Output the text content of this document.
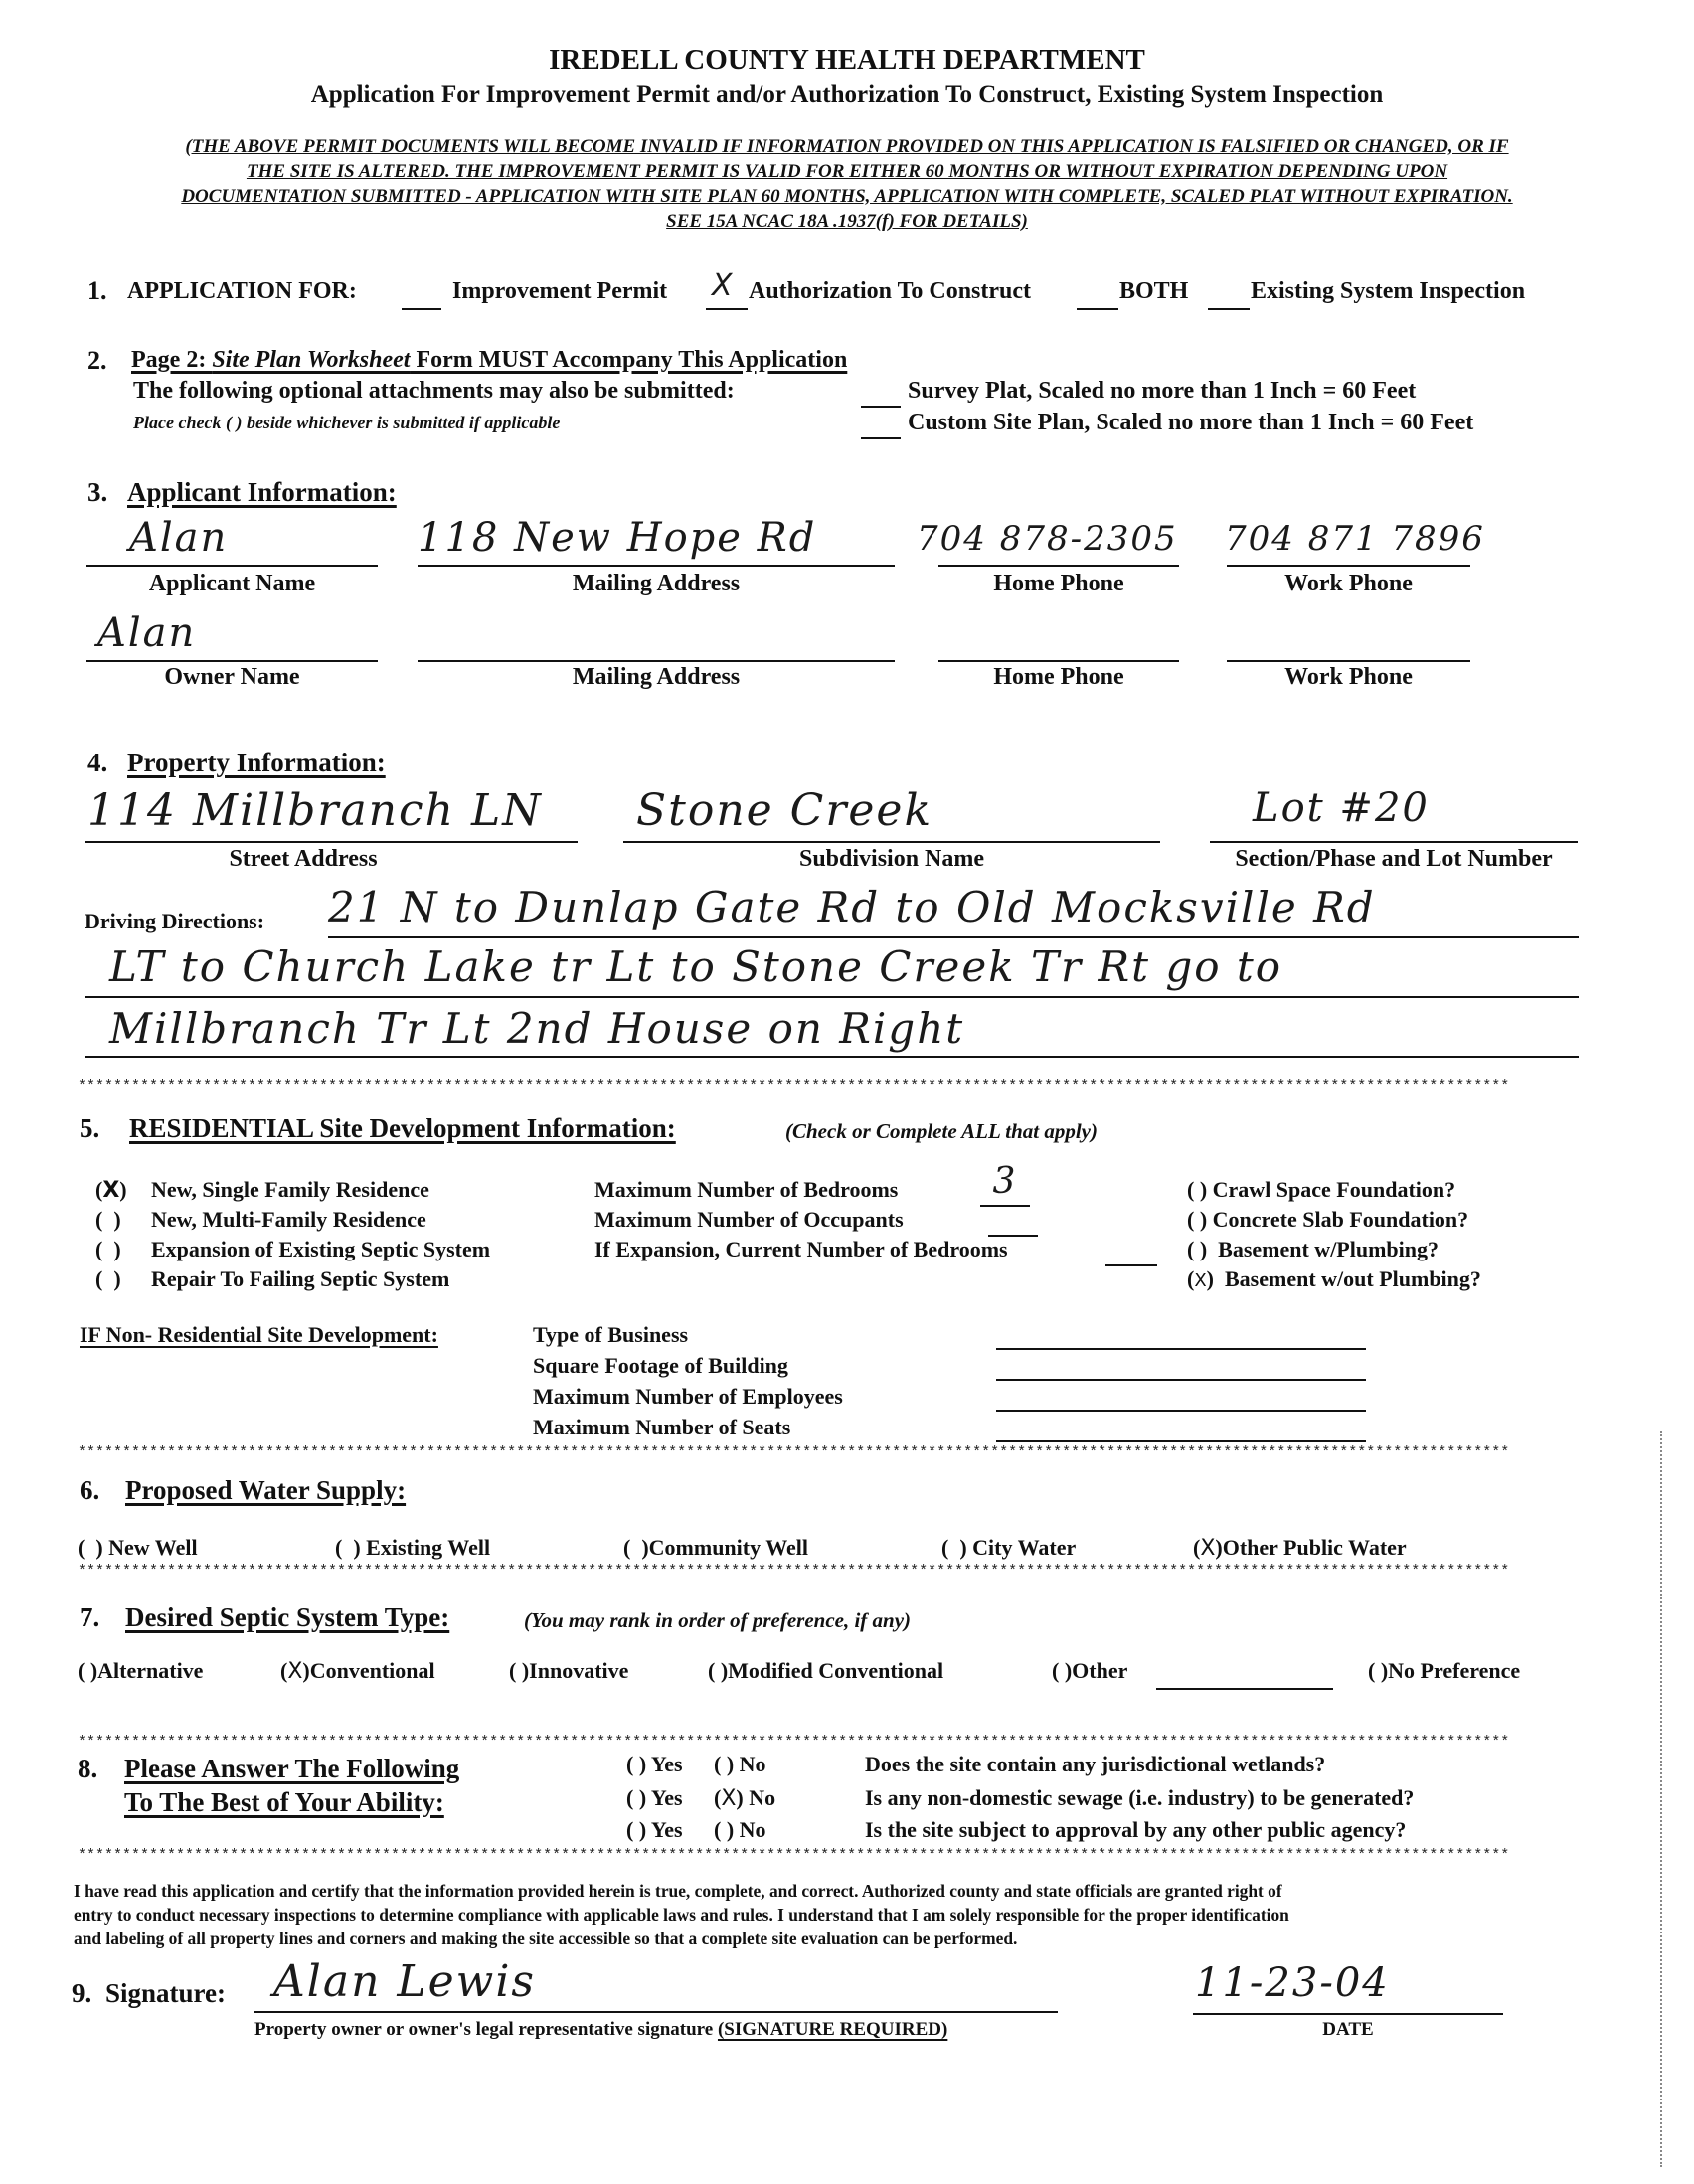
IREDELL COUNTY HEALTH DEPARTMENT
Application For Improvement Permit and/or Authorization To Construct, Existing System Inspection
(THE ABOVE PERMIT DOCUMENTS WILL BECOME INVALID IF INFORMATION PROVIDED ON THIS APPLICATION IS FALSIFIED OR CHANGED, OR IF
THE SITE IS ALTERED. THE IMPROVEMENT PERMIT IS VALID FOR EITHER 60 MONTHS OR WITHOUT EXPIRATION DEPENDING UPON
DOCUMENTATION SUBMITTED - APPLICATION WITH SITE PLAN 60 MONTHS, APPLICATION WITH COMPLETE, SCALED PLAT WITHOUT EXPIRATION.
SEE 15A NCAC 18A .1937(f) FOR DETAILS)
1. APPLICATION FOR:	Improvement Permit X Authorization To Construct	BOTH	Existing System Inspection
2. Page 2: Site Plan Worksheet Form MUST Accompany This Application
The following optional attachments may also be submitted:
Place check ( ) beside whichever is submitted if applicable
Survey Plat, Scaled no more than 1 Inch = 60 Feet
Custom Site Plan, Scaled no more than 1 Inch = 60 Feet
3. Applicant Information:
Alan
Applicant Name
118 New Hope Rd
Mailing Address
704 878-2305
Home Phone
704 871 7896
Work Phone
Alan
Owner Name	Mailing Address	Home Phone	Work Phone
4. Property Information:
114 Millbranch LN
Street Address
Stone Creek
Subdivision Name
Lot #20
Section/Phase and Lot Number
Driving Directions: 21 N to Dunlap Gate Rd to Old Mocksville Rd
LT to Church Lake tr Lt to Stone Creek Tr Rt go to
Millbranch Tr Lt 2nd House on Right
****************************************************************************************************************************************************************
5. RESIDENTIAL Site Development Information:	(Check or Complete ALL that apply)
(X) New, Single Family Residence
(  ) New, Multi-Family Residence
(  ) Expansion of Existing Septic System
(  ) Repair To Failing Septic System
Maximum Number of Bedrooms	3
Maximum Number of Occupants
If Expansion, Current Number of Bedrooms
( ) Crawl Space Foundation?
( ) Concrete Slab Foundation?
( )  Basement w/Plumbing?
(X)  Basement w/out Plumbing?
IF Non- Residential Site Development:	Type of Business
Square Footage of Building
Maximum Number of Employees
Maximum Number of Seats
****************************************************************************************************************************************************************
6. Proposed Water Supply:
(  ) New Well	(  ) Existing Well	(  )Community Well	(  ) City Water	(X)Other Public Water
****************************************************************************************************************************************************************
7. Desired Septic System Type:	(You may rank in order of preference, if any)
( )Alternative	(X)Conventional	( )Innovative	( )Modified Conventional	( )Other	( )No Preference
****************************************************************************************************************************************************************
8. Please Answer The Following
To The Best of Your Ability:
( ) Yes ( ) No	Does the site contain any jurisdictional wetlands?
( ) Yes (X) No	Is any non-domestic sewage (i.e. industry) to be generated?
( ) Yes ( ) No	Is the site subject to approval by any other public agency?
****************************************************************************************************************************************************************
I have read this application and certify that the information provided herein is true, complete, and correct. Authorized county and state officials are granted right of
entry to conduct necessary inspections to determine compliance with applicable laws and rules. I understand that I am solely responsible for the proper identification
and labeling of all property lines and corners and making the site accessible so that a complete site evaluation can be performed.
9. Signature: Alan Lewis
Property owner or owner's legal representative signature (SIGNATURE REQUIRED)
11-23-04
DATE
